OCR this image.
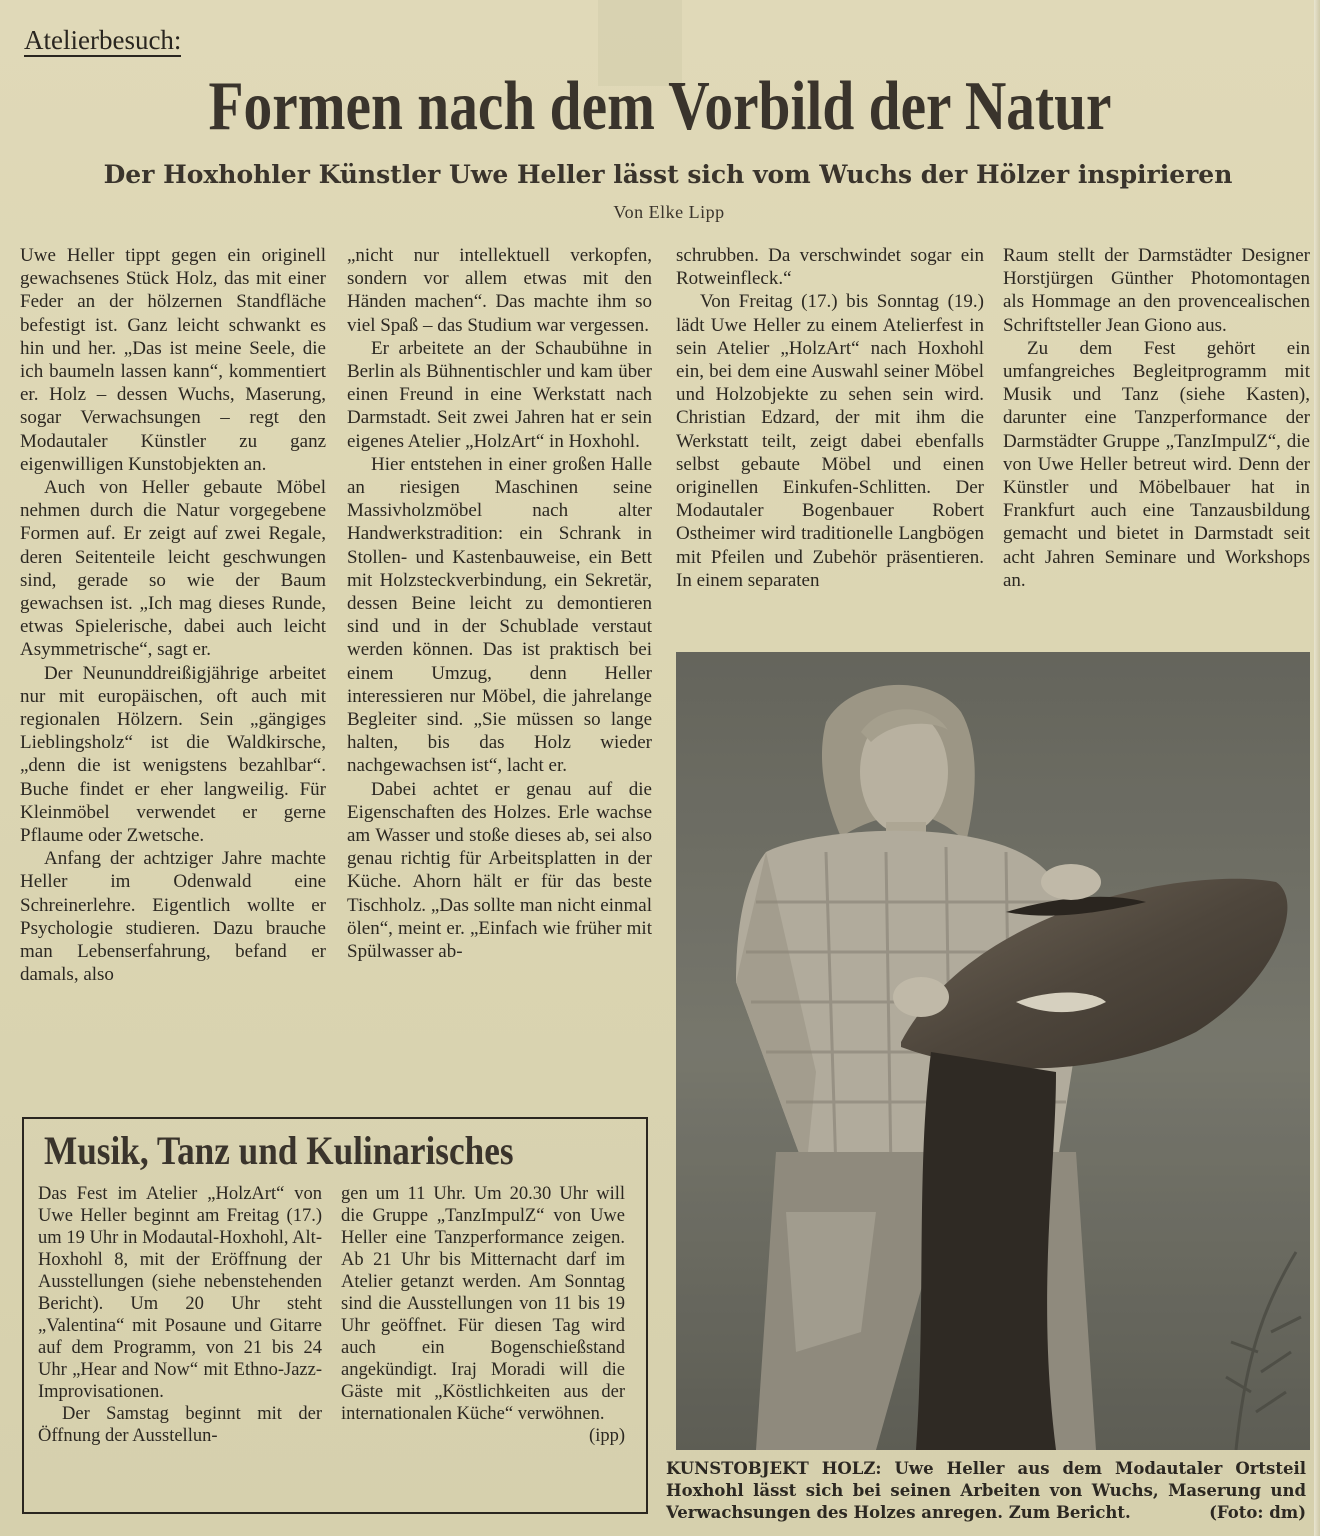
Atelierbesuch:
Formen nach dem Vorbild der Natur
Der Hoxhohler Künstler Uwe Heller lässt sich vom Wuchs der Hölzer inspirieren
Von Elke Lipp

Uwe Heller tippt gegen ein originell gewachsenes Stück Holz, das mit einer Feder an der hölzernen Standfläche befestigt ist. Ganz leicht schwankt es hin und her. „Das ist meine Seele, die ich baumeln lassen kann“, kommentiert er. Holz – dessen Wuchs, Maserung, sogar Verwachsungen – regt den Modautaler Künstler zu ganz eigenwilligen Kunstobjekten an.

Auch von Heller gebaute Möbel nehmen durch die Natur vorgegebene Formen auf. Er zeigt auf zwei Regale, deren Seitenteile leicht geschwungen sind, gerade so wie der Baum gewachsen ist. „Ich mag dieses Runde, etwas Spielerische, dabei auch leicht Asymmetrische“, sagt er.

Der Neununddreißigjährige arbeitet nur mit europäischen, oft auch mit regionalen Hölzern. Sein „gängiges Lieblingsholz“ ist die Waldkirsche, „denn die ist wenigstens bezahlbar“. Buche findet er eher langweilig. Für Kleinmöbel verwendet er gerne Pflaume oder Zwetsche.

Anfang der achtziger Jahre machte Heller im Odenwald eine Schreinerlehre. Eigentlich wollte er Psychologie studieren. Dazu brauche man Lebenserfahrung, befand er damals, also

„nicht nur intellektuell verkopfen, sondern vor allem etwas mit den Händen machen“. Das machte ihm so viel Spaß – das Studium war vergessen.

Er arbeitete an der Schaubühne in Berlin als Bühnentischler und kam über einen Freund in eine Werkstatt nach Darmstadt. Seit zwei Jahren hat er sein eigenes Atelier „HolzArt“ in Hoxhohl.

Hier entstehen in einer großen Halle an riesigen Maschinen seine Massivholzmöbel nach alter Handwerkstradition: ein Schrank in Stollen- und Kastenbauweise, ein Bett mit Holzsteckverbindung, ein Sekretär, dessen Beine leicht zu demontieren sind und in der Schublade verstaut werden können. Das ist praktisch bei einem Umzug, denn Heller interessieren nur Möbel, die jahrelange Begleiter sind. „Sie müssen so lange halten, bis das Holz wieder nachgewachsen ist“, lacht er.

Dabei achtet er genau auf die Eigenschaften des Holzes. Erle wachse am Wasser und stoße dieses ab, sei also genau richtig für Arbeitsplatten in der Küche. Ahorn hält er für das beste Tischholz. „Das sollte man nicht einmal ölen“, meint er. „Einfach wie früher mit Spülwasser ab-

schrubben. Da verschwindet sogar ein Rotweinfleck.“

Von Freitag (17.) bis Sonntag (19.) lädt Uwe Heller zu einem Atelierfest in sein Atelier „HolzArt“ nach Hoxhohl ein, bei dem eine Auswahl seiner Möbel und Holzobjekte zu sehen sein wird. Christian Edzard, der mit ihm die Werkstatt teilt, zeigt dabei ebenfalls selbst gebaute Möbel und einen originellen Einkufen-Schlitten. Der Modautaler Bogenbauer Robert Ostheimer wird traditionelle Langbögen mit Pfeilen und Zubehör präsentieren. In einem separaten

Raum stellt der Darmstädter Designer Horstjürgen Günther Photomontagen als Hommage an den provencealischen Schriftsteller Jean Giono aus.

Zu dem Fest gehört ein umfangreiches Begleitprogramm mit Musik und Tanz (siehe Kasten), darunter eine Tanzperformance der Darmstädter Gruppe „TanzImpulZ“, die von Uwe Heller betreut wird. Denn der Künstler und Möbelbauer hat in Frankfurt auch eine Tanzausbildung gemacht und bietet in Darmstadt seit acht Jahren Seminare und Workshops an.

KUNSTOBJEKT HOLZ: Uwe Heller aus dem Modautaler Ortsteil Hoxhohl lässt sich bei seinen Arbeiten von Wuchs, Maserung und Verwachsungen des Holzes anregen. Zum Bericht.	(Foto: dm)
Musik, Tanz und Kulinarisches

Das Fest im Atelier „HolzArt“ von Uwe Heller beginnt am Freitag (17.) um 19 Uhr in Modautal-Hoxhohl, Alt-Hoxhohl 8, mit der Eröffnung der Ausstellungen (siehe nebenstehenden Bericht). Um 20 Uhr steht „Valentina“ mit Posaune und Gitarre auf dem Programm, von 21 bis 24 Uhr „Hear and Now“ mit Ethno-Jazz-Improvisationen.

Der Samstag beginnt mit der Öffnung der Ausstellun-

gen um 11 Uhr. Um 20.30 Uhr will die Gruppe „TanzImpulZ“ von Uwe Heller eine Tanzperformance zeigen. Ab 21 Uhr bis Mitternacht darf im Atelier getanzt werden. Am Sonntag sind die Ausstellungen von 11 bis 19 Uhr geöffnet. Für diesen Tag wird auch ein Bogenschießstand angekündigt. Iraj Moradi will die Gäste mit „Köstlichkeiten aus der internationalen Küche“ verwöhnen.

(ipp)
